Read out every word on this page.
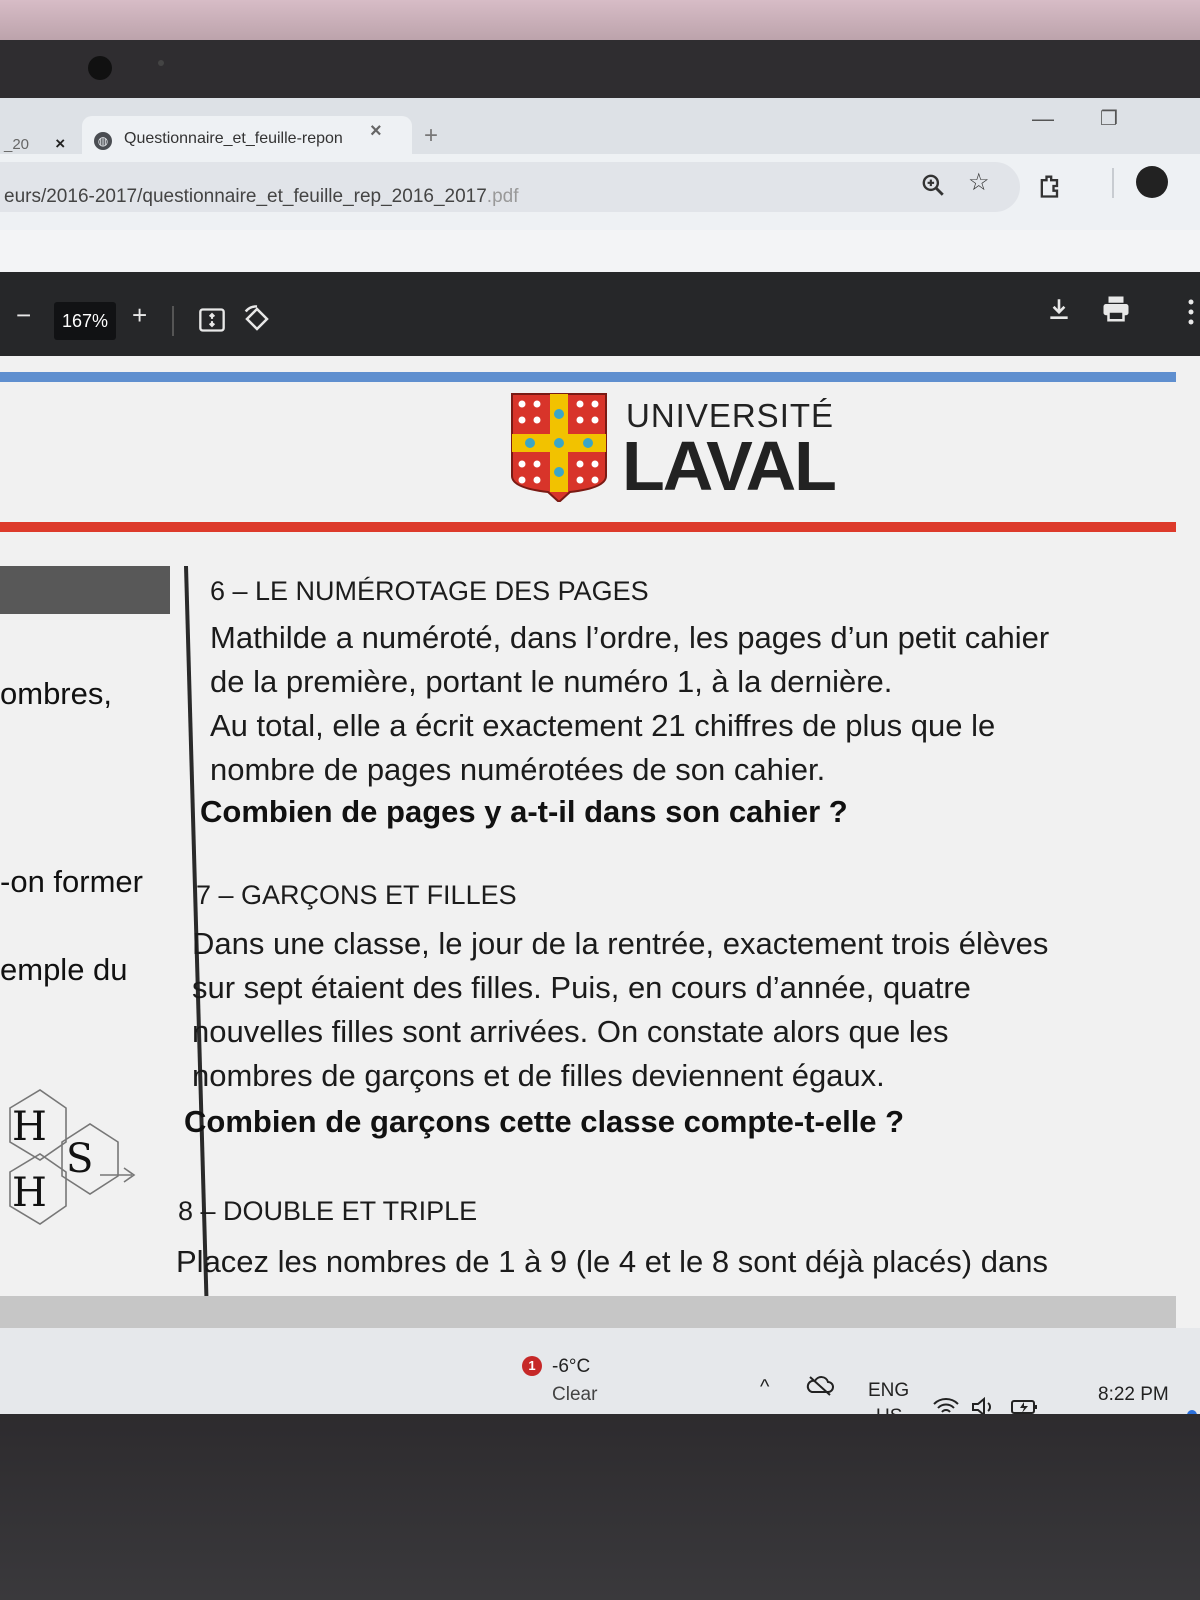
_20 ×	◍ Questionnaire_et_feuille-repon	× +
— ❐
eurs/2016-2017/questionnaire_et_feuille_rep_2016_2017.pdf
☆
−	167% +
UNIVERSITÉ
LAVAL
ombres,
-on former
emple du
H
S
H
6 – LE NUMÉROTAGE DES PAGES
Mathilde a numéroté, dans l’ordre, les pages d’un petit cahier
de la première, portant le numéro 1, à la dernière.
Au total, elle a écrit exactement 21 chiffres de plus que le
nombre de pages numérotées de son cahier.
Combien de pages y a-t-il dans son cahier ?
7 – GARÇONS ET FILLES
Dans une classe, le jour de la rentrée, exactement trois élèves
sur sept étaient des filles. Puis, en cours d’année, quatre
nouvelles filles sont arrivées. On constate alors que les
nombres de garçons et de filles deviennent égaux.
Combien de garçons cette classe compte-t-elle ?
8 – DOUBLE ET TRIPLE
Placez les nombres de 1 à 9 (le 4 et le 8 sont déjà placés) dans
1 -6°C
Clear	^	ENG	8:22 PM
